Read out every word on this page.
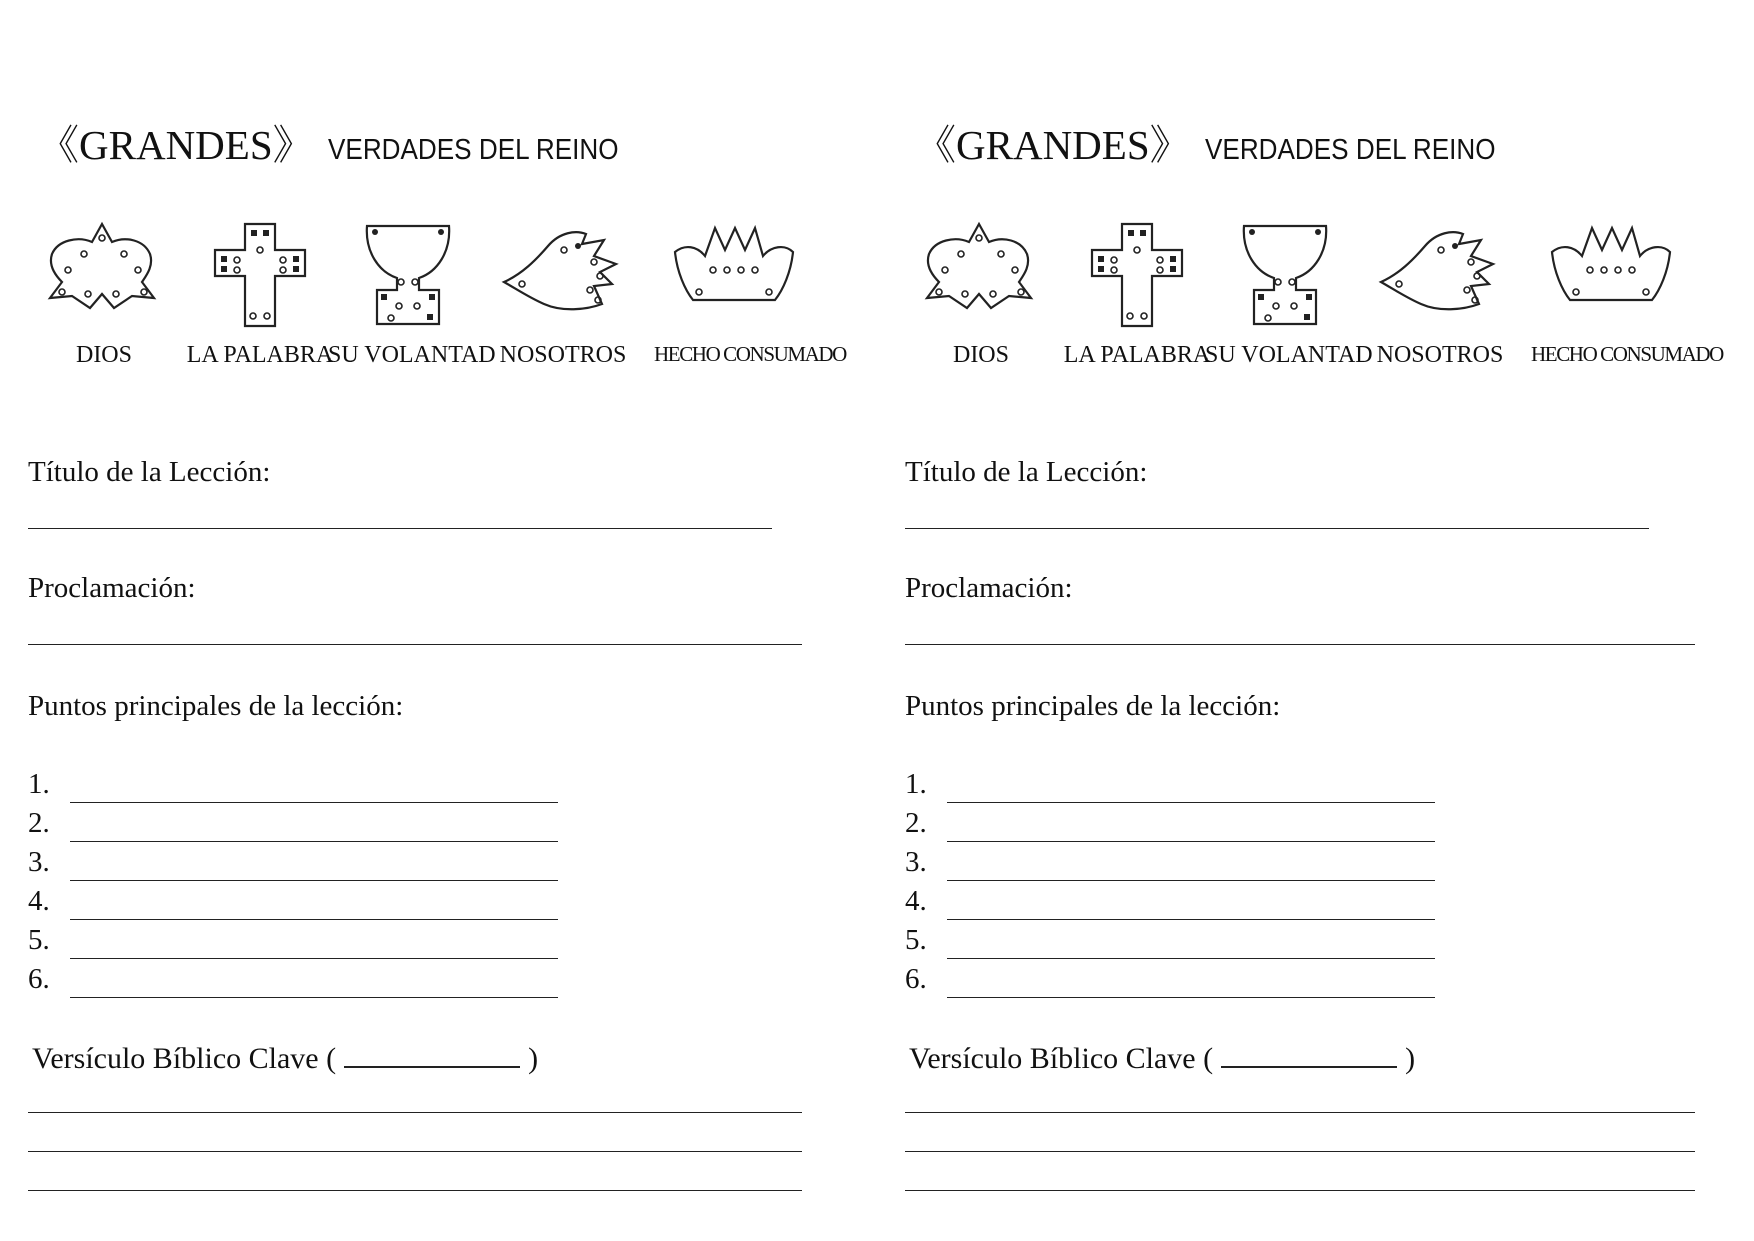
《GRANDES》 VERDADES DEL REINO
DIOS	LA PALABRA
SU VOLANTAD NOSOTROS	HECHO CONSUMADO
Título de la Lección:
Proclamación:
Puntos principales de la lección:
1.
2.
3.
4.
5.
6.
Versículo Bíblico Clave (	)
《GRANDES》 VERDADES DEL REINO
DIOS	LA PALABRA
SU VOLANTAD NOSOTROS	HECHO CONSUMADO
Título de la Lección:
Proclamación:
Puntos principales de la lección:
1.
2.
3.
4.
5.
6.
Versículo Bíblico Clave (	)
